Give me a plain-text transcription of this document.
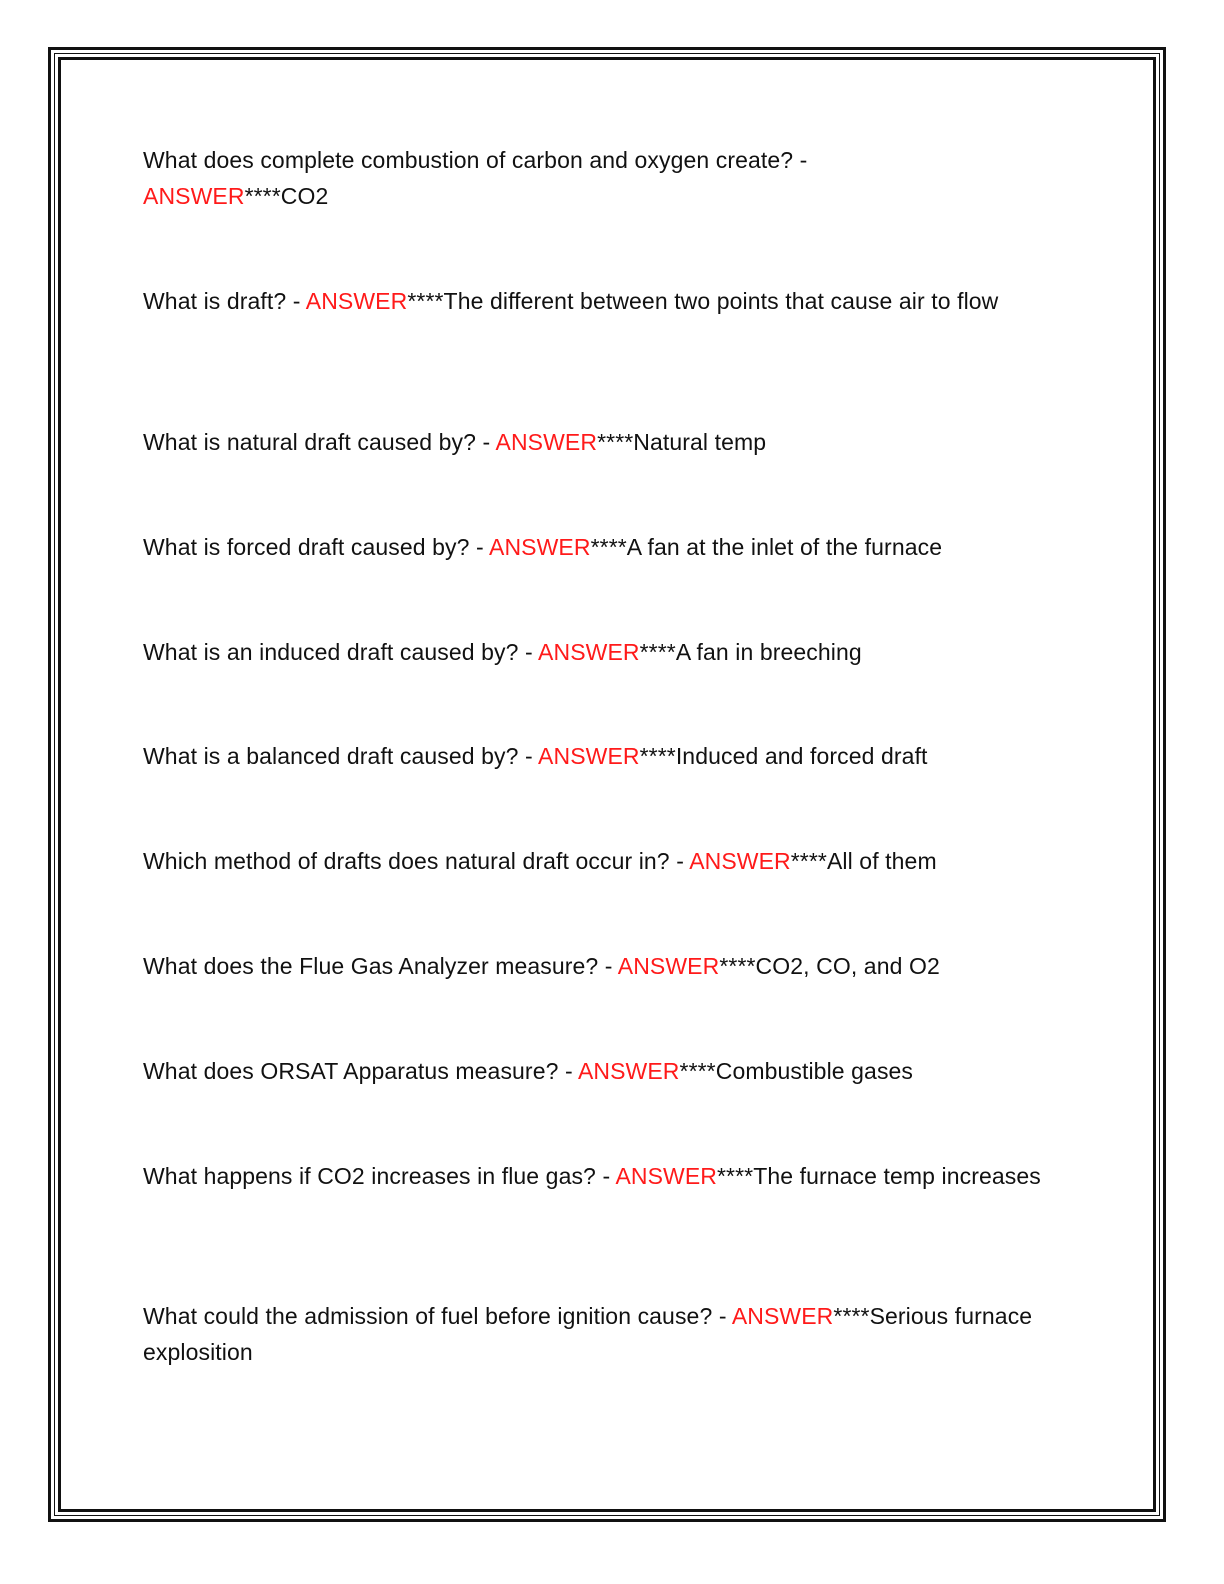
What does complete combustion of carbon and oxygen create? -
ANSWER****CO2

What is draft? - ANSWER****The different between two points that cause air to flow

What is natural draft caused by? - ANSWER****Natural temp

What is forced draft caused by? - ANSWER****A fan at the inlet of the furnace

What is an induced draft caused by? - ANSWER****A fan in breeching

What is a balanced draft caused by? - ANSWER****Induced and forced draft

Which method of drafts does natural draft occur in? - ANSWER****All of them

What does the Flue Gas Analyzer measure? - ANSWER****CO2, CO, and O2

What does ORSAT Apparatus measure? - ANSWER****Combustible gases

What happens if CO2 increases in flue gas? - ANSWER****The furnace temp increases

What could the admission of fuel before ignition cause? - ANSWER****Serious furnace explosition
